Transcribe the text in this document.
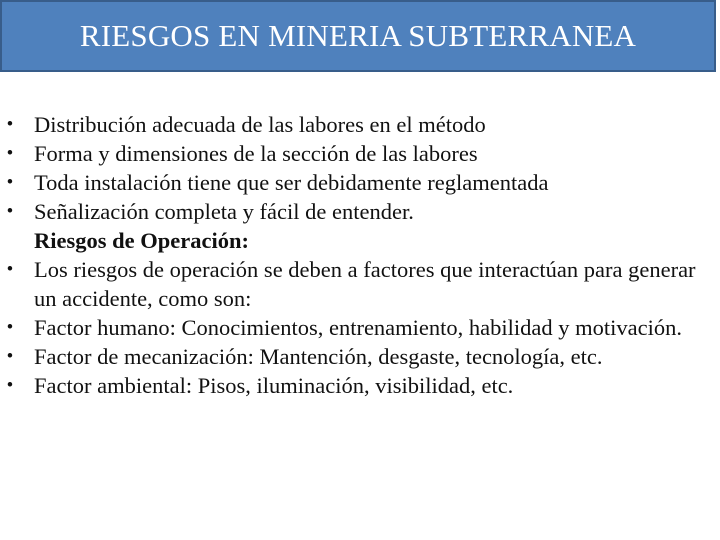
RIESGOS EN MINERIA SUBTERRANEA
• Distribución adecuada de las labores en el método
• Forma y dimensiones de la sección de las labores
• Toda instalación tiene que ser debidamente reglamentada
• Señalización completa y fácil de entender.
Riesgos de Operación:
• Los riesgos de operación se deben a factores que interactúan para generar un accidente, como son:
• Factor humano: Conocimientos, entrenamiento, habilidad y motivación.
• Factor de mecanización: Mantención, desgaste, tecnología, etc.
• Factor ambiental: Pisos, iluminación, visibilidad, etc.
